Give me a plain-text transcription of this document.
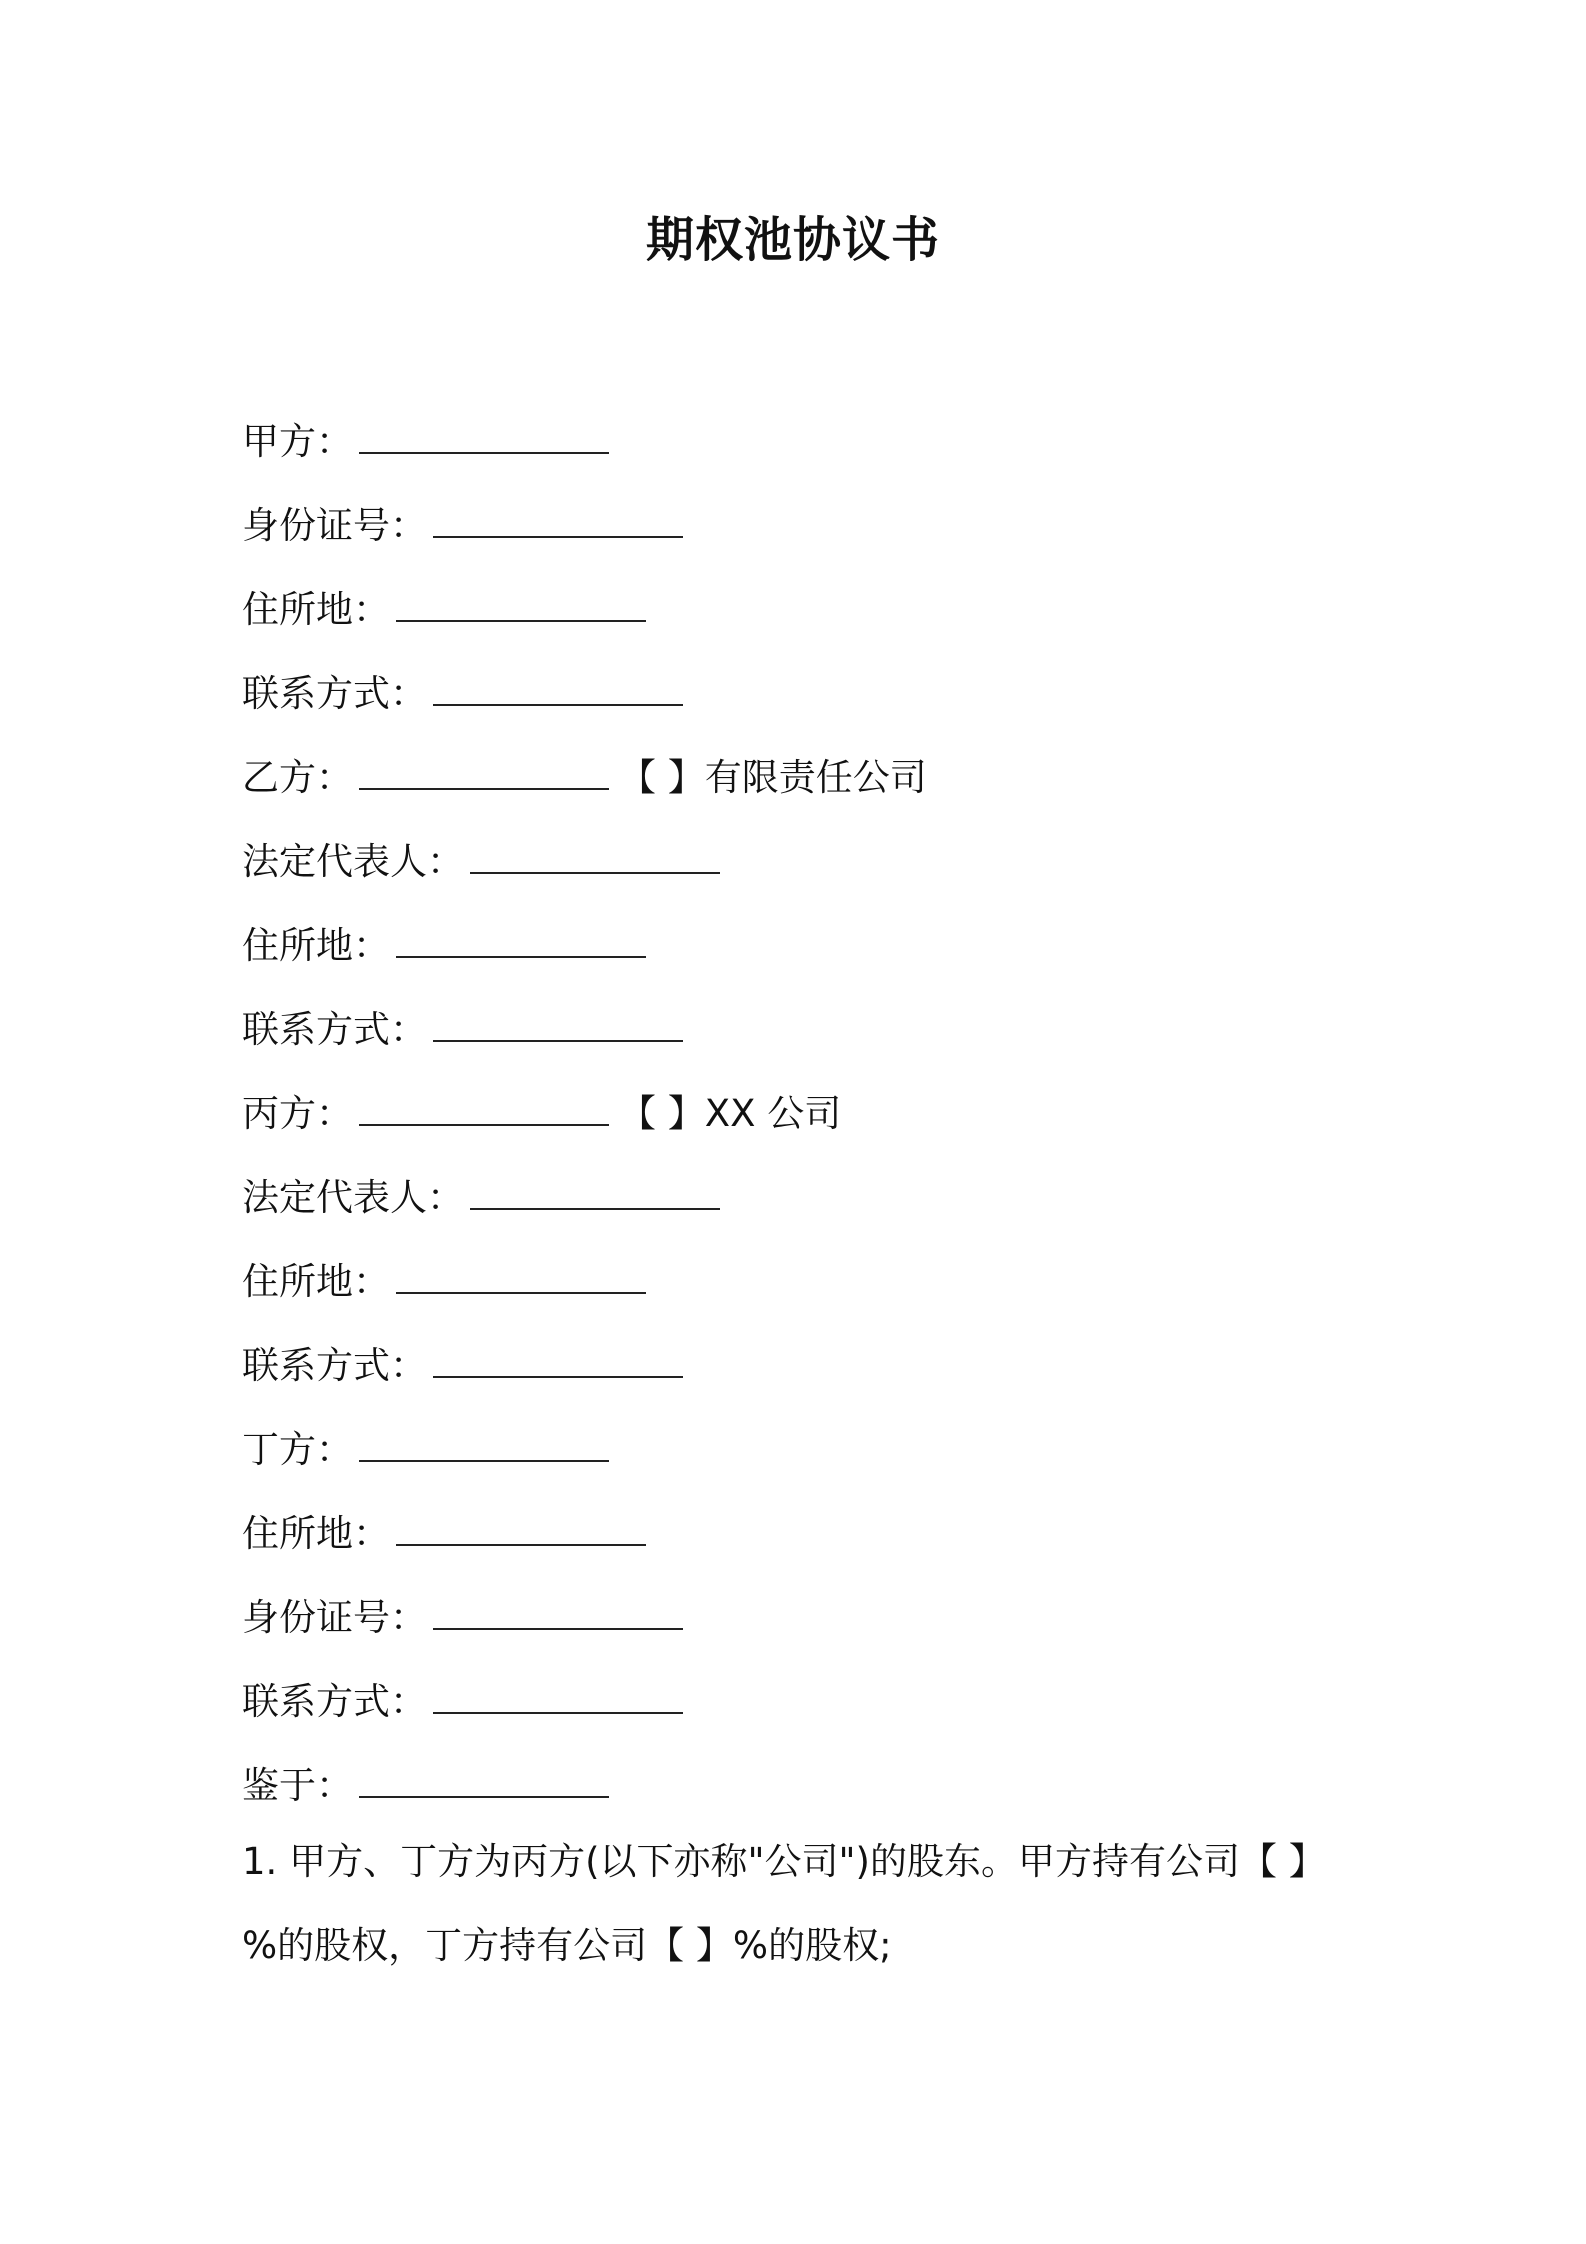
期权池协议书
甲方：
身份证号：
住所地：
联系方式：
乙方：	【 】有限责任公司
法定代表人：
住所地：
联系方式：
丙方：	【 】XX 公司
法定代表人：
住所地：
联系方式：
丁方：
住所地：
身份证号：
联系方式：
鉴于：

1. 甲方、丁方为丙方(以下亦称"公司")的股东。甲方持有公司【 】

%的股权，丁方持有公司【 】%的股权;
